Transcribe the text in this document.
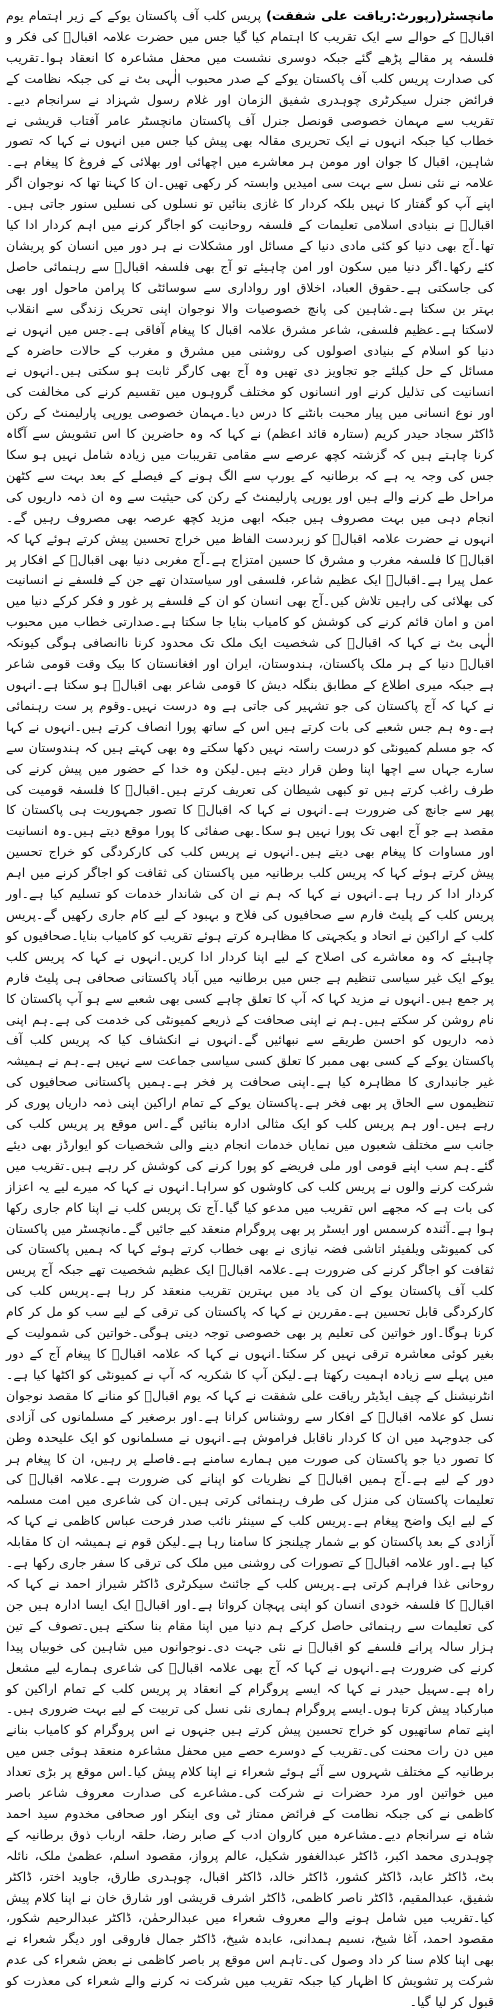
مانچسٹر(رپورٹ:ریاقت علی شفقت) پریس کلب آف پاکستان یوکے کے زیر اہتمام یوم اقبالؒ کے حوالے سے ایک تقریب کا اہتمام کیا گیا جس میں حضرت علامہ اقبالؒ کی فکر و فلسفہ پر مقالے پڑھے گئے جبکہ دوسری نشست میں محفل مشاعرہ کا انعقاد ہوا۔تقریب کی صدارت پریس کلب آف پاکستان یوکے کے صدر محبوب الٰہی بٹ نے کی جبکہ نظامت کے فرائض جنرل سیکرٹری چوہدری شفیق الزمان اور غلام رسول شہزاد نے سرانجام دیے۔تقریب سے مہمان خصوصی قونصل جنرل آف پاکستان مانچسٹر عامر آفتاب قریشی نے خطاب کیا جبکہ انہوں نے ایک تحریری مقالہ بھی پیش کیا جس میں انہوں نے کہا کہ تصور شاہین، اقبال کا جوان اور مومن ہر معاشرے میں اچھائی اور بھلائی کے فروغ کا پیغام ہے۔علامہ نے نئی نسل سے بہت سی امیدیں وابستہ کر رکھی تھیں۔ان کا کہنا تھا کہ نوجوان اگر اپنے آپ کو گفتار کا نہیں بلکہ کردار کا غازی بنائیں تو نسلوں کی نسلیں سنور جاتی ہیں۔اقبالؒ نے بنیادی اسلامی تعلیمات کے فلسفہ روحانیت کو اجاگر کرنے میں اہم کردار ادا کیا تھا۔آج بھی دنیا کو کئی مادی دنیا کے مسائل اور مشکلات نے ہر دور میں انسان کو پریشان کئے رکھا۔اگر دنیا میں سکون اور امن چاہیئے تو آج بھی فلسفہ اقبالؒ سے رہنمائی حاصل کی جاسکتی ہے۔حقوق العباد، اخلاق اور رواداری سے سوسائٹی کا پرامن ماحول اور بھی بہتر بن سکتا ہے۔شاہین کی پانچ خصوصیات والا نوجوان اپنی تحریک زندگی سے انقلاب لاسکتا ہے۔عظیم فلسفی، شاعر مشرق علامہ اقبال کا پیغام آفاقی ہے۔جس میں انہوں نے دنیا کو اسلام کے بنیادی اصولوں کی روشنی میں مشرق و مغرب کے حالات حاضرہ کے مسائل کے حل کیلئے جو تجاویز دی تھیں وہ آج بھی کارگر ثابت ہو سکتی ہیں۔انہوں نے انسانیت کی تذلیل کرنے اور انسانوں کو مختلف گروہوں میں تقسیم کرنے کی مخالفت کی اور نوع انسانی میں پیار محبت بانٹنے کا درس دیا۔مہمان خصوصی یورپی پارلیمنٹ کے رکن ڈاکٹر سجاد حیدر کریم (ستارہ قائد اعظم) نے کہا کہ وہ حاضرین کا اس تشویش سے آگاہ کرنا چاہتے ہیں کہ گزشتہ کچھ عرصے سے مقامی تقریبات میں زیادہ شامل نہیں ہو سکا جس کی وجہ یہ ہے کہ برطانیہ کے یورپ سے الگ ہونے کے فیصلے کے بعد بہت سے کٹھن مراحل طے کرنے والے ہیں اور یورپی پارلیمنٹ کے رکن کی حیثیت سے وہ ان ذمہ داریوں کی انجام دہی میں بہت مصروف ہیں جبکہ ابھی مزید کچھ عرصہ بھی مصروف رہیں گے۔انہوں نے حضرت علامہ اقبالؒ کو زبردست الفاظ میں خراج تحسین پیش کرتے ہوئے کہا کہ اقبالؒ کا فلسفہ مغرب و مشرق کا حسین امتزاج ہے۔آج مغربی دنیا بھی اقبالؒ کے افکار پر عمل پیرا ہے۔اقبالؒ ایک عظیم شاعر، فلسفی اور سیاستدان تھے جن کے فلسفے نے انسانیت کی بھلائی کی راہیں تلاش کیں۔آج بھی انسان کو ان کے فلسفے پر غور و فکر کرکے دنیا میں امن و امان قائم کرنے کی کوشش کو کامیاب بنایا جا سکتا ہے۔صدارتی خطاب میں محبوب الٰہی بٹ نے کہا کہ اقبالؒ کی شخصیت ایک ملک تک محدود کرنا ناانصافی ہوگی کیونکہ اقبالؒ دنیا کے ہر ملک پاکستان، ہندوستان، ایران اور افغانستان کا بیک وقت قومی شاعر ہے جبکہ میری اطلاع کے مطابق بنگلہ دیش کا قومی شاعر بھی اقبالؒ ہو سکتا ہے۔انہوں نے کہا کہ آج پاکستان کی جو تشہیر کی جاتی ہے وہ درست نہیں۔وقوم پر ست رہنمائی ہے۔وہ ہم جس شعبے کی بات کرتے ہیں اس کے ساتھ پورا انصاف کرتے ہیں۔انہوں نے کہا کہ جو مسلم کمیونٹی کو درست راستہ نہیں دکھا سکتے وہ بھی کہتے ہیں کہ ہندوستان سے سارے جہاں سے اچھا اپنا وطن قرار دیتے ہیں۔لیکن وہ خدا کے حضور میں پیش کرنے کی طرف راغب کرتے ہیں تو کبھی شیطان کی تعریف کرتے ہیں۔اقبالؒ کا فلسفہ قومیت کی پھر سے جانچ کی ضرورت ہے۔انہوں نے کہا کہ اقبالؒ کا تصور جمہوریت ہی پاکستان کا مقصد ہے جو آج ابھی تک پورا نہیں ہو سکا۔بھی صفائی کا پورا موقع دیتے ہیں۔وہ انسانیت اور مساوات کا پیغام بھی دیتے ہیں۔انہوں نے پریس کلب کی کارکردگی کو خراج تحسین پیش کرتے ہوئے کہا کہ پریس کلب برطانیہ میں پاکستان کی ثقافت کو اجاگر کرنے میں اہم کردار ادا کر رہا ہے۔انہوں نے کہا کہ ہم نے ان کی شاندار خدمات کو تسلیم کیا ہے۔اور پریس کلب کے پلیٹ فارم سے صحافیوں کی فلاح و بہبود کے لیے کام جاری رکھیں گے۔پریس کلب کے اراکین نے اتحاد و یکجہتی کا مظاہرہ کرتے ہوئے تقریب کو کامیاب بنایا۔صحافیوں کو چاہیئے کہ وہ معاشرے کی اصلاح کے لیے اپنا کردار ادا کریں۔انہوں نے کہا کہ پریس کلب یوکے ایک غیر سیاسی تنظیم ہے جس میں برطانیہ میں آباد پاکستانی صحافی ہی پلیٹ فارم پر جمع ہیں۔انہوں نے مزید کہا کہ آپ کا تعلق چاہے کسی بھی شعبے سے ہو آپ پاکستان کا نام روشن کر سکتے ہیں۔ہم نے اپنی صحافت کے ذریعے کمیونٹی کی خدمت کی ہے۔ہم اپنی ذمہ داریوں کو احسن طریقے سے نبھائیں گے۔انہوں نے انکشاف کیا کہ پریس کلب آف پاکستان یوکے کے کسی بھی ممبر کا تعلق کسی سیاسی جماعت سے نہیں ہے۔ہم نے ہمیشہ غیر جانبداری کا مظاہرہ کیا ہے۔اپنی صحافت پر فخر ہے۔ہمیں پاکستانی صحافیوں کی تنظیموں سے الحاق پر بھی فخر ہے۔پاکستان یوکے کے تمام اراکین اپنی ذمہ داریاں پوری کر رہے ہیں۔اور ہم پریس کلب کو ایک مثالی ادارہ بنائیں گے۔اس موقع پر پریس کلب کی جانب سے مختلف شعبوں میں نمایاں خدمات انجام دینے والی شخصیات کو ایوارڈز بھی دیئے گئے۔ہم سب اپنے قومی اور ملی فریضے کو پورا کرنے کی کوشش کر رہے ہیں۔تقریب میں شرکت کرنے والوں نے پریس کلب کی کاوشوں کو سراہا۔انہوں نے کہا کہ میرے لیے یہ اعزاز کی بات ہے کہ مجھے اس تقریب میں مدعو کیا گیا۔آج تک پریس کلب نے اپنا کام جاری رکھا ہوا ہے۔آئندہ کرسمس اور ایسٹر پر بھی پروگرام منعقد کیے جائیں گے۔مانچسٹر میں پاکستان کی کمیونٹی ویلفیئر اتاشی فضہ نیازی نے بھی خطاب کرتے ہوئے کہا کہ ہمیں پاکستان کی ثقافت کو اجاگر کرنے کی ضرورت ہے۔علامہ اقبالؒ ایک عظیم شخصیت تھے جبکہ آج پریس کلب آف پاکستان یوکے ان کی یاد میں بہترین تقریب منعقد کر رہا ہے۔پریس کلب کی کارکردگی قابل تحسین ہے۔مقررین نے کہا کہ پاکستان کی ترقی کے لیے سب کو مل کر کام کرنا ہوگا۔اور خواتین کی تعلیم پر بھی خصوصی توجہ دینی ہوگی۔خواتین کی شمولیت کے بغیر کوئی معاشرہ ترقی نہیں کر سکتا۔انہوں نے کہا کہ علامہ اقبالؒ کا پیغام آج کے دور میں پہلے سے زیادہ اہمیت رکھتا ہے۔لیکن آپ کا شکریہ کہ آپ نے کمیونٹی کو اکٹھا کیا ہے۔انٹرنیشنل کے چیف ایڈیٹر ریاقت علی شفقت نے کہا کہ یوم اقبالؒ کو منانے کا مقصد نوجوان نسل کو علامہ اقبالؒ کے افکار سے روشناس کرانا ہے۔اور برصغیر کے مسلمانوں کی آزادی کی جدوجہد میں ان کا کردار ناقابل فراموش ہے۔انہوں نے مسلمانوں کو ایک علیحدہ وطن کا تصور دیا جو پاکستان کی صورت میں ہمارے سامنے ہے۔فاصلے پر رہیں، ان کا پیغام ہر دور کے لیے ہے۔آج ہمیں اقبالؒ کے نظریات کو اپنانے کی ضرورت ہے۔علامہ اقبالؒ کی تعلیمات پاکستان کی منزل کی طرف رہنمائی کرتی ہیں۔ان کی شاعری میں امت مسلمہ کے لیے ایک واضح پیغام ہے۔پریس کلب کے سینئر نائب صدر فرحت عباس کاظمی نے کہا کہ آزادی کے بعد پاکستان کو بے شمار چیلنجز کا سامنا رہا ہے۔لیکن قوم نے ہمیشہ ان کا مقابلہ کیا ہے۔اور علامہ اقبالؒ کے تصورات کی روشنی میں ملک کی ترقی کا سفر جاری رکھا ہے۔روحانی غذا فراہم کرتی ہے۔پریس کلب کے جائنٹ سیکرٹری ڈاکٹر شیراز احمد نے کہا کہ اقبالؒ کا فلسفہ خودی انسان کو اپنی پہچان کرواتا ہے۔اور اقبالؒ ایک ایسا ادارہ ہیں جن کی تعلیمات سے رہنمائی حاصل کرکے ہم دنیا میں اپنا مقام بنا سکتے ہیں۔تصوف کے تین ہزار سالہ پرانے فلسفے کو اقبالؒ نے نئی جہت دی۔نوجوانوں میں شاہین کی خوبیاں پیدا کرنے کی ضرورت ہے۔انہوں نے کہا کہ آج بھی علامہ اقبالؒ کی شاعری ہمارے لیے مشعل راہ ہے۔سہیل حیدر نے کہا کہ ایسے پروگرام کے انعقاد پر پریس کلب کے تمام اراکین کو مبارکباد پیش کرتا ہوں۔ایسے پروگرام ہماری نئی نسل کی تربیت کے لیے بہت ضروری ہیں۔اپنے تمام ساتھیوں کو خراج تحسین پیش کرتے ہیں جنہوں نے اس پروگرام کو کامیاب بنانے میں دن رات محنت کی۔تقریب کے دوسرے حصے میں محفل مشاعرہ منعقد ہوئی جس میں برطانیہ کے مختلف شہروں سے آئے ہوئے شعراء نے اپنا کلام پیش کیا۔اس موقع پر بڑی تعداد میں خواتین اور مرد حضرات نے شرکت کی۔مشاعرے کی صدارت معروف شاعر باصر کاظمی نے کی جبکہ نظامت کے فرائض ممتاز ٹی وی اینکر اور صحافی مخدوم سید احمد شاہ نے سرانجام دیے۔مشاعرہ میں کاروان ادب کے صابر رضا، حلقہ ارباب ذوق برطانیہ کے چوہدری محمد اکبر، ڈاکٹر عبدالغفور شکیل، عالم پرواز، مقصود اسلم، عظمیٰ ملک، نائلہ بٹ، ڈاکٹر عابد، ڈاکٹر کشور، ڈاکٹر خالد، ڈاکٹر اقبال، چوہدری طارق، جاوید اختر، ڈاکٹر شفیق، عبدالمقیم، ڈاکٹر ناصر کاظمی، ڈاکٹر اشرف قریشی اور شارق خان نے اپنا کلام پیش کیا۔تقریب میں شامل ہونے والے معروف شعراء میں عبدالرحمٰن، ڈاکٹر عبدالرحیم شکور، مقصود احمد، آغا شیخ، نسیم ہمدانی، عابدہ شیخ، ڈاکٹر جمال فاروقی اور دیگر شعراء نے بھی اپنا کلام سنا کر داد وصول کی۔تاہم اس موقع پر باصر کاظمی نے بعض شعراء کی عدم شرکت پر تشویش کا اظہار کیا جبکہ تقریب میں شرکت نہ کرنے والے شعراء کی معذرت کو قبول کر لیا گیا۔
